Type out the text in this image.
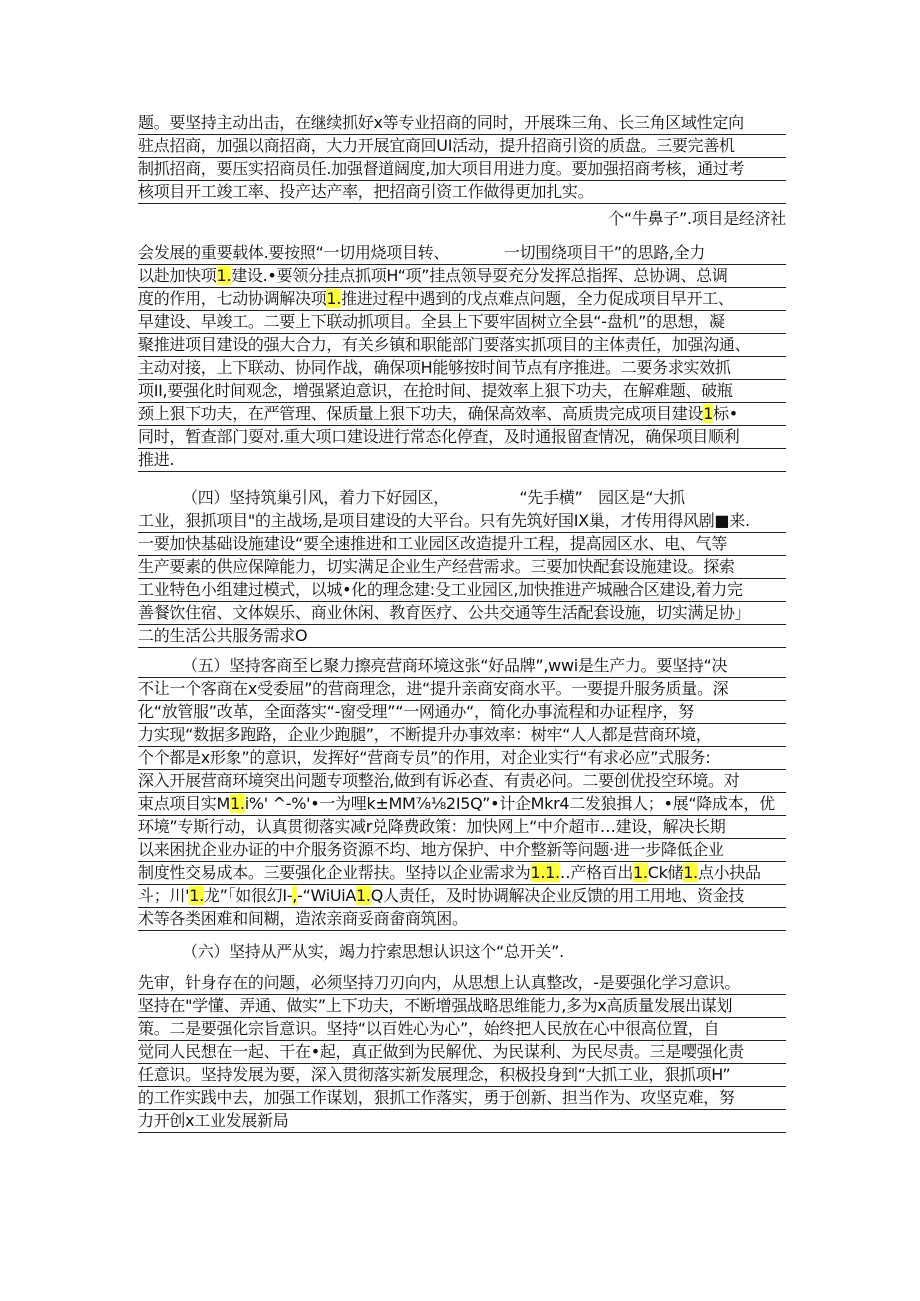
题。要坚持主动出击，在继续抓好x等专业招商的同时，开展珠三角、长三角区域性定向
驻点招商，加强以商招商，大力开展宜商回UI活动，提升招商引资的质盘。三要完善机
制抓招商，要压实招商员任.加强督道阔度,加大项目用进力度。要加强招商考核，通过考
核项目开工竣工率、投产达产率，把招商引资工作做得更加扎实。
个“牛鼻子”.项目是经济社
会发展的重要载体.要按照“一切用烧项目转、　　　　一切围绕项目干”的思路,全力
以赴加快项1.建设.•要领分挂点抓项H“项”挂点领导耍充分发挥总指挥、总协调、总调
度的作用，七动协调解决项1.推进过程中遇到的戊点难点问题，全力促成项目早开工、
早建设、早竣工。二要上下联动抓项目。全县上下要牢固树立全县“-盘机”的思想，凝
聚推进项目建设的强大合力，有关乡镇和职能部门要落实抓项目的主体责任，加强沟通、
主动对接，上下联动、协同作战，确保项H能够按时间节点有序推进。二要务求实效抓
项II,要强化时间观念，增强紧迫意识，在抢时间、提效率上狠下功夫，在解难题、破瓶
颈上狠下功夫，在严管理、保质量上狠下功夫，确保高效率、高质贵完成项目建设1标•
同时，暂查部门耍对.重大项口建设进行常态化停査，及时通报留查情况，确保项目顺利
推进.
（四）坚持筑巢引风，着力下好园区，　　　　　“先手横”　园区是“大抓
工业，狠抓项目"的主战场,是项目建设的大平台。只有先筑好国IX巢，才传用得风剧■来.
一要加快基础设施建设“要全速推进和工业园区改造提升工程，提高园区水、电、气等
生产要素的供应保障能力，切实满足企业生产经营需求。三要加快配套设施建设。探索
工业特色小组建过模式，以城•化的理念建:殳工业园区,加快推进产城融合区建设,着力完
善餐饮住宿、文体娱乐、商业休闲、教育医疗、公共交通等生活配套设施，切实满足协」
二的生活公共服务需求O
（五）坚持客商至匕聚力擦亮营商环境这张“好品牌”,wwi是生产力。要坚持“决
不让一个客商在x受委屈”的营商理念，进“提升亲商安商水平。一要提升服务质量。深
化“放管服”改革，全面落实“-窗受理”“一网通办“，简化办事流程和办证程序，努
力实现“数据多跑路，企业少跑腿”，不断提升办事效率：树牢“人人都是营商环境，
个个都是x形象”的意识，发挥好“营商专员”的作用，对企业实行“有求必应”式服务:
深入开展营商环境突出问题专项整治,做到有诉必查、有责必问。二要创优投空环境。对
束点项目实M1.i%' ^-%'•一为哩k±MM⅞⅛2I5Q”•计企Mkr4二发狼揖人；•展“降成本，优
环境”专斯行动，认真贯彻落实减r兑降费政策：加快网上“中介超市…建设，解决长期
以来困扰企业办证的中介服务资源不均、地方保护、中介整新等问题·进一步降低企业
制度性交易成本。三要强化企业帮扶。坚持以企业需求为1.1.‥产格百出1.Ck储1.点小抉品
斗；川'1.龙”「如很幻I-,-“WiUiA1.Q人责任，及时协调解决企业反馈的用工用地、资金技
术等各类困难和间糊，造浓亲商妥商畲商筑困。
（六）坚持从严从实，竭力拧索思想认识这个“总开关”.
先审，针身存在的问题，必须坚持刀刃向内，从思想上认真整改，-是要强化学习意识。
坚持在"学懂、弄通、做实”上下功夫，不断增强战略思维能力,多为x高质量发展出谋划
策。二是要强化宗旨意识。坚持“以百姓心为心”，始终把人民放在心中很高位置，自
觉同人民想在一起、干在•起，真正做到为民解优、为民谋利、为民尽责。三是嘤强化责
任意识。坚持发展为要，深入贯彻落实新发展理念，积极投身到“大抓工业，狠抓项H”
的工作实践中去，加强工作谋划，狠抓工作落实，勇于创新、担当作为、攻坚克难，努
力开创x工业发展新局
